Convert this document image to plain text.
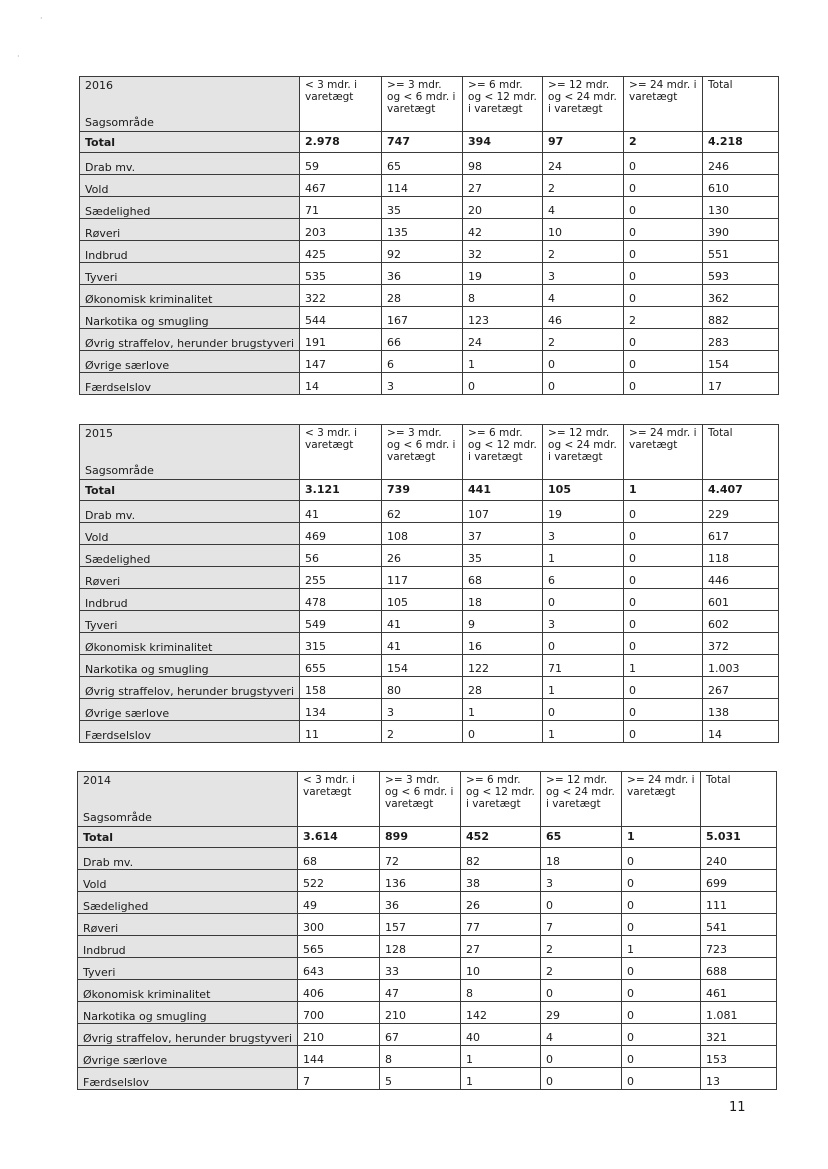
·
·
2016
Sagsområde	< 3 mdr. i varetægt	>= 3 mdr. og < 6 mdr. i varetægt	>= 6 mdr. og < 12 mdr. i varetægt	>= 12 mdr. og < 24 mdr. i varetægt	>= 24 mdr. i varetægt	Total
Total	2.978	747	394	97	2	4.218
Drab mv.	59	65	98	24	0	246
Vold	467	114	27	2	0	610
Sædelighed	71	35	20	4	0	130
Røveri	203	135	42	10	0	390
Indbrud	425	92	32	2	0	551
Tyveri	535	36	19	3	0	593
Økonomisk kriminalitet	322	28	8	4	0	362
Narkotika og smugling	544	167	123	46	2	882
Øvrig straffelov, herunder brugstyveri	191	66	24	2	0	283
Øvrige særlove	147	6	1	0	0	154
Færdselslov	14	3	0	0	0	17
2015
Sagsområde	< 3 mdr. i varetægt	>= 3 mdr. og < 6 mdr. i varetægt	>= 6 mdr. og < 12 mdr. i varetægt	>= 12 mdr. og < 24 mdr. i varetægt	>= 24 mdr. i varetægt	Total
Total	3.121	739	441	105	1	4.407
Drab mv.	41	62	107	19	0	229
Vold	469	108	37	3	0	617
Sædelighed	56	26	35	1	0	118
Røveri	255	117	68	6	0	446
Indbrud	478	105	18	0	0	601
Tyveri	549	41	9	3	0	602
Økonomisk kriminalitet	315	41	16	0	0	372
Narkotika og smugling	655	154	122	71	1	1.003
Øvrig straffelov, herunder brugstyveri	158	80	28	1	0	267
Øvrige særlove	134	3	1	0	0	138
Færdselslov	11	2	0	1	0	14
2014
Sagsområde	< 3 mdr. i varetægt	>= 3 mdr. og < 6 mdr. i varetægt	>= 6 mdr. og < 12 mdr. i varetægt	>= 12 mdr. og < 24 mdr. i varetægt	>= 24 mdr. i varetægt	Total
Total	3.614	899	452	65	1	5.031
Drab mv.	68	72	82	18	0	240
Vold	522	136	38	3	0	699
Sædelighed	49	36	26	0	0	111
Røveri	300	157	77	7	0	541
Indbrud	565	128	27	2	1	723
Tyveri	643	33	10	2	0	688
Økonomisk kriminalitet	406	47	8	0	0	461
Narkotika og smugling	700	210	142	29	0	1.081
Øvrig straffelov, herunder brugstyveri	210	67	40	4	0	321
Øvrige særlove	144	8	1	0	0	153
Færdselslov	7	5	1	0	0	13
11
